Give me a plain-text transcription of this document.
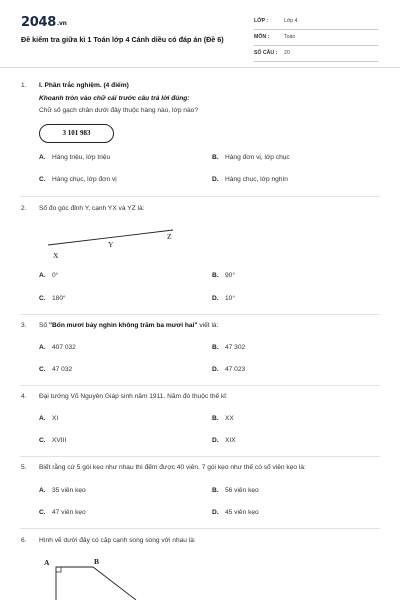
2048.vn
Đề kiểm tra giữa kì 1 Toán lớp 4 Cánh diều có đáp án (Đề 6)
LỚP :	Lớp 4
MÔN :	Toán
SỐ CÂU : 20
1. I. Phần trắc nghiệm. (4 điểm)
Khoanh tròn vào chữ cái trước câu trả lời đúng:
Chữ số gạch chân dưới đây thuộc hàng nào, lớp nào?
3 101 983
A. Hàng triệu, lớp triệu	B. Hàng đơn vị, lớp chục
C. Hàng chục, lớp đơn vị	D. Hàng chục, lớp nghìn
2. Số đo góc đỉnh Y, cạnh YX và YZ là:
X
Y
Z
A. 0°	B. 90°
C. 180°	D. 10°
3. Số "Bốn mươi bảy nghìn không trăm ba mươi hai" viết là:
A. 407 032	B. 47 302
C. 47 032	D. 47 023
4. Đại tướng Võ Nguyên Giáp sinh năm 1911. Năm đó thuộc thế kỉ:
A. XI	B. XX
C. XVIII	D. XIX
5. Biết rằng cứ 5 gói kẹo như nhau thì đếm được 40 viên. 7 gói kẹo như thế có số viên kẹo là:
A. 35 viên kẹo	B. 56 viên kẹo
C. 47 viên kẹo	D. 45 viên kẹo
6. Hình vẽ dưới đây có cặp cạnh song song với nhau là:
A	B
